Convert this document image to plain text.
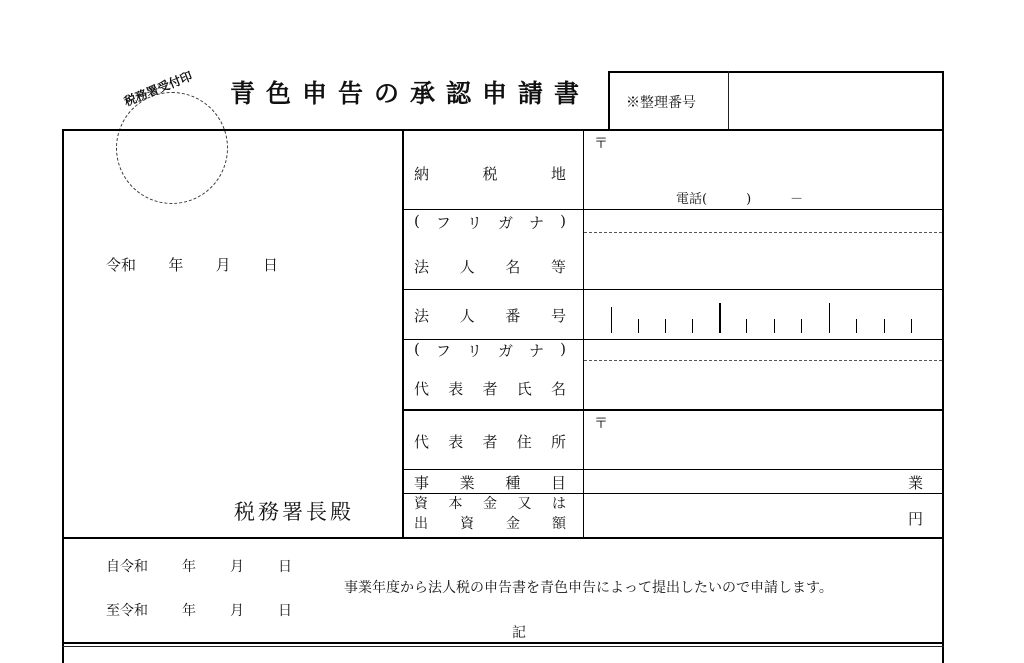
税務署受付印 青色申告の承認申請書	※整理番号
令和 年 月 日
税務署長殿
納	税	地
〒
電話(　　　)　　　－
( フ リ ガ ナ )
法 人 名 等
法 人 番 号
( フ リ ガ ナ )
代 表 者 氏 名
代 表 者 住 所
〒
事 業 種 目	業
資 本 金 又 は
出 資 金 額	円
自令和 年 月 日
至令和 年 月 日
事業年度から法人税の申告書を青色申告によって提出したいので申請します。
記
